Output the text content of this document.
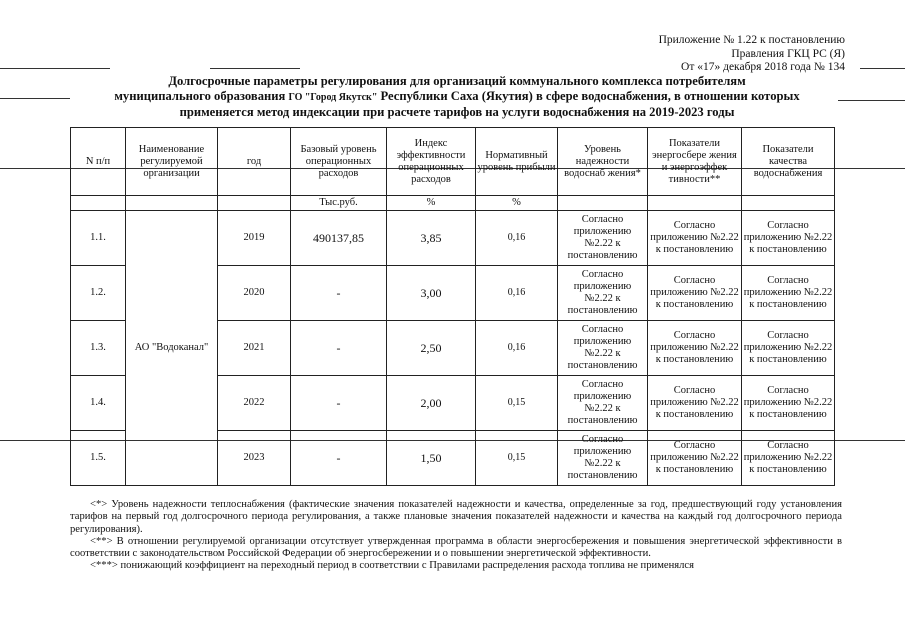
Приложение № 1.22 к постановлению
Правления ГКЦ РС (Я)
От «17» декабря 2018 года № 134
Долгосрочные параметры регулирования для организаций коммунального комплекса потребителям
муниципального образования ГО "Город Якутск" Республики Саха (Якутия) в сфере водоснабжения, в отношении которых
применяется метод индексации при расчете тарифов на услуги водоснабжения на 2019-2023 годы
N п/п	Наименование регулируемой организации	год	Базовый уровень операционных расходов	Индекс эффективности операционных расходов	Нормативный уровень прибыли	Уровень надежности водоснаб жения*	Показатели энергосбере жения и энергоэффек тивности**	Показатели качества водоснабжения
			Тыс.руб.	%	%			
1.1.	АО "Водоканал"	2019	490137,85	3,85	0,16	Согласно приложению №2.22 к постановлению	Согласно приложению №2.22 к постановлению	Согласно приложению №2.22 к постановлению
1.2.		2020	-	3,00	0,16	Согласно приложению №2.22 к постановлению	Согласно приложению №2.22 к постановлению	Согласно приложению №2.22 к постановлению
1.3.		2021	-	2,50	0,16	Согласно приложению №2.22 к постановлению	Согласно приложению №2.22 к постановлению	Согласно приложению №2.22 к постановлению
1.4.		2022	-	2,00	0,15	Согласно приложению №2.22 к постановлению	Согласно приложению №2.22 к постановлению	Согласно приложению №2.22 к постановлению
1.5.		2023	-	1,50	0,15	Согласно приложению №2.22 к постановлению	Согласно приложению №2.22 к постановлению	Согласно приложению №2.22 к постановлению

<*> Уровень надежности теплоснабжения (фактические значения показателей надежности и качества, определенные за год, предшествующий году установления тарифов на первый год долгосрочного периода регулирования, а также плановые значения показателей надежности и качества на каждый год долгосрочного периода регулирования).

<**> В отношении регулируемой организации отсутствует утвержденная программа в области энергосбережения и повышения энергетической эффективности в соответствии с законодательством Российской Федерации об энергосбережении и о повышении энергетической эффективности.

<***> понижающий коэффициент на переходный период в соответствии с Правилами распределения расхода топлива не применялся
